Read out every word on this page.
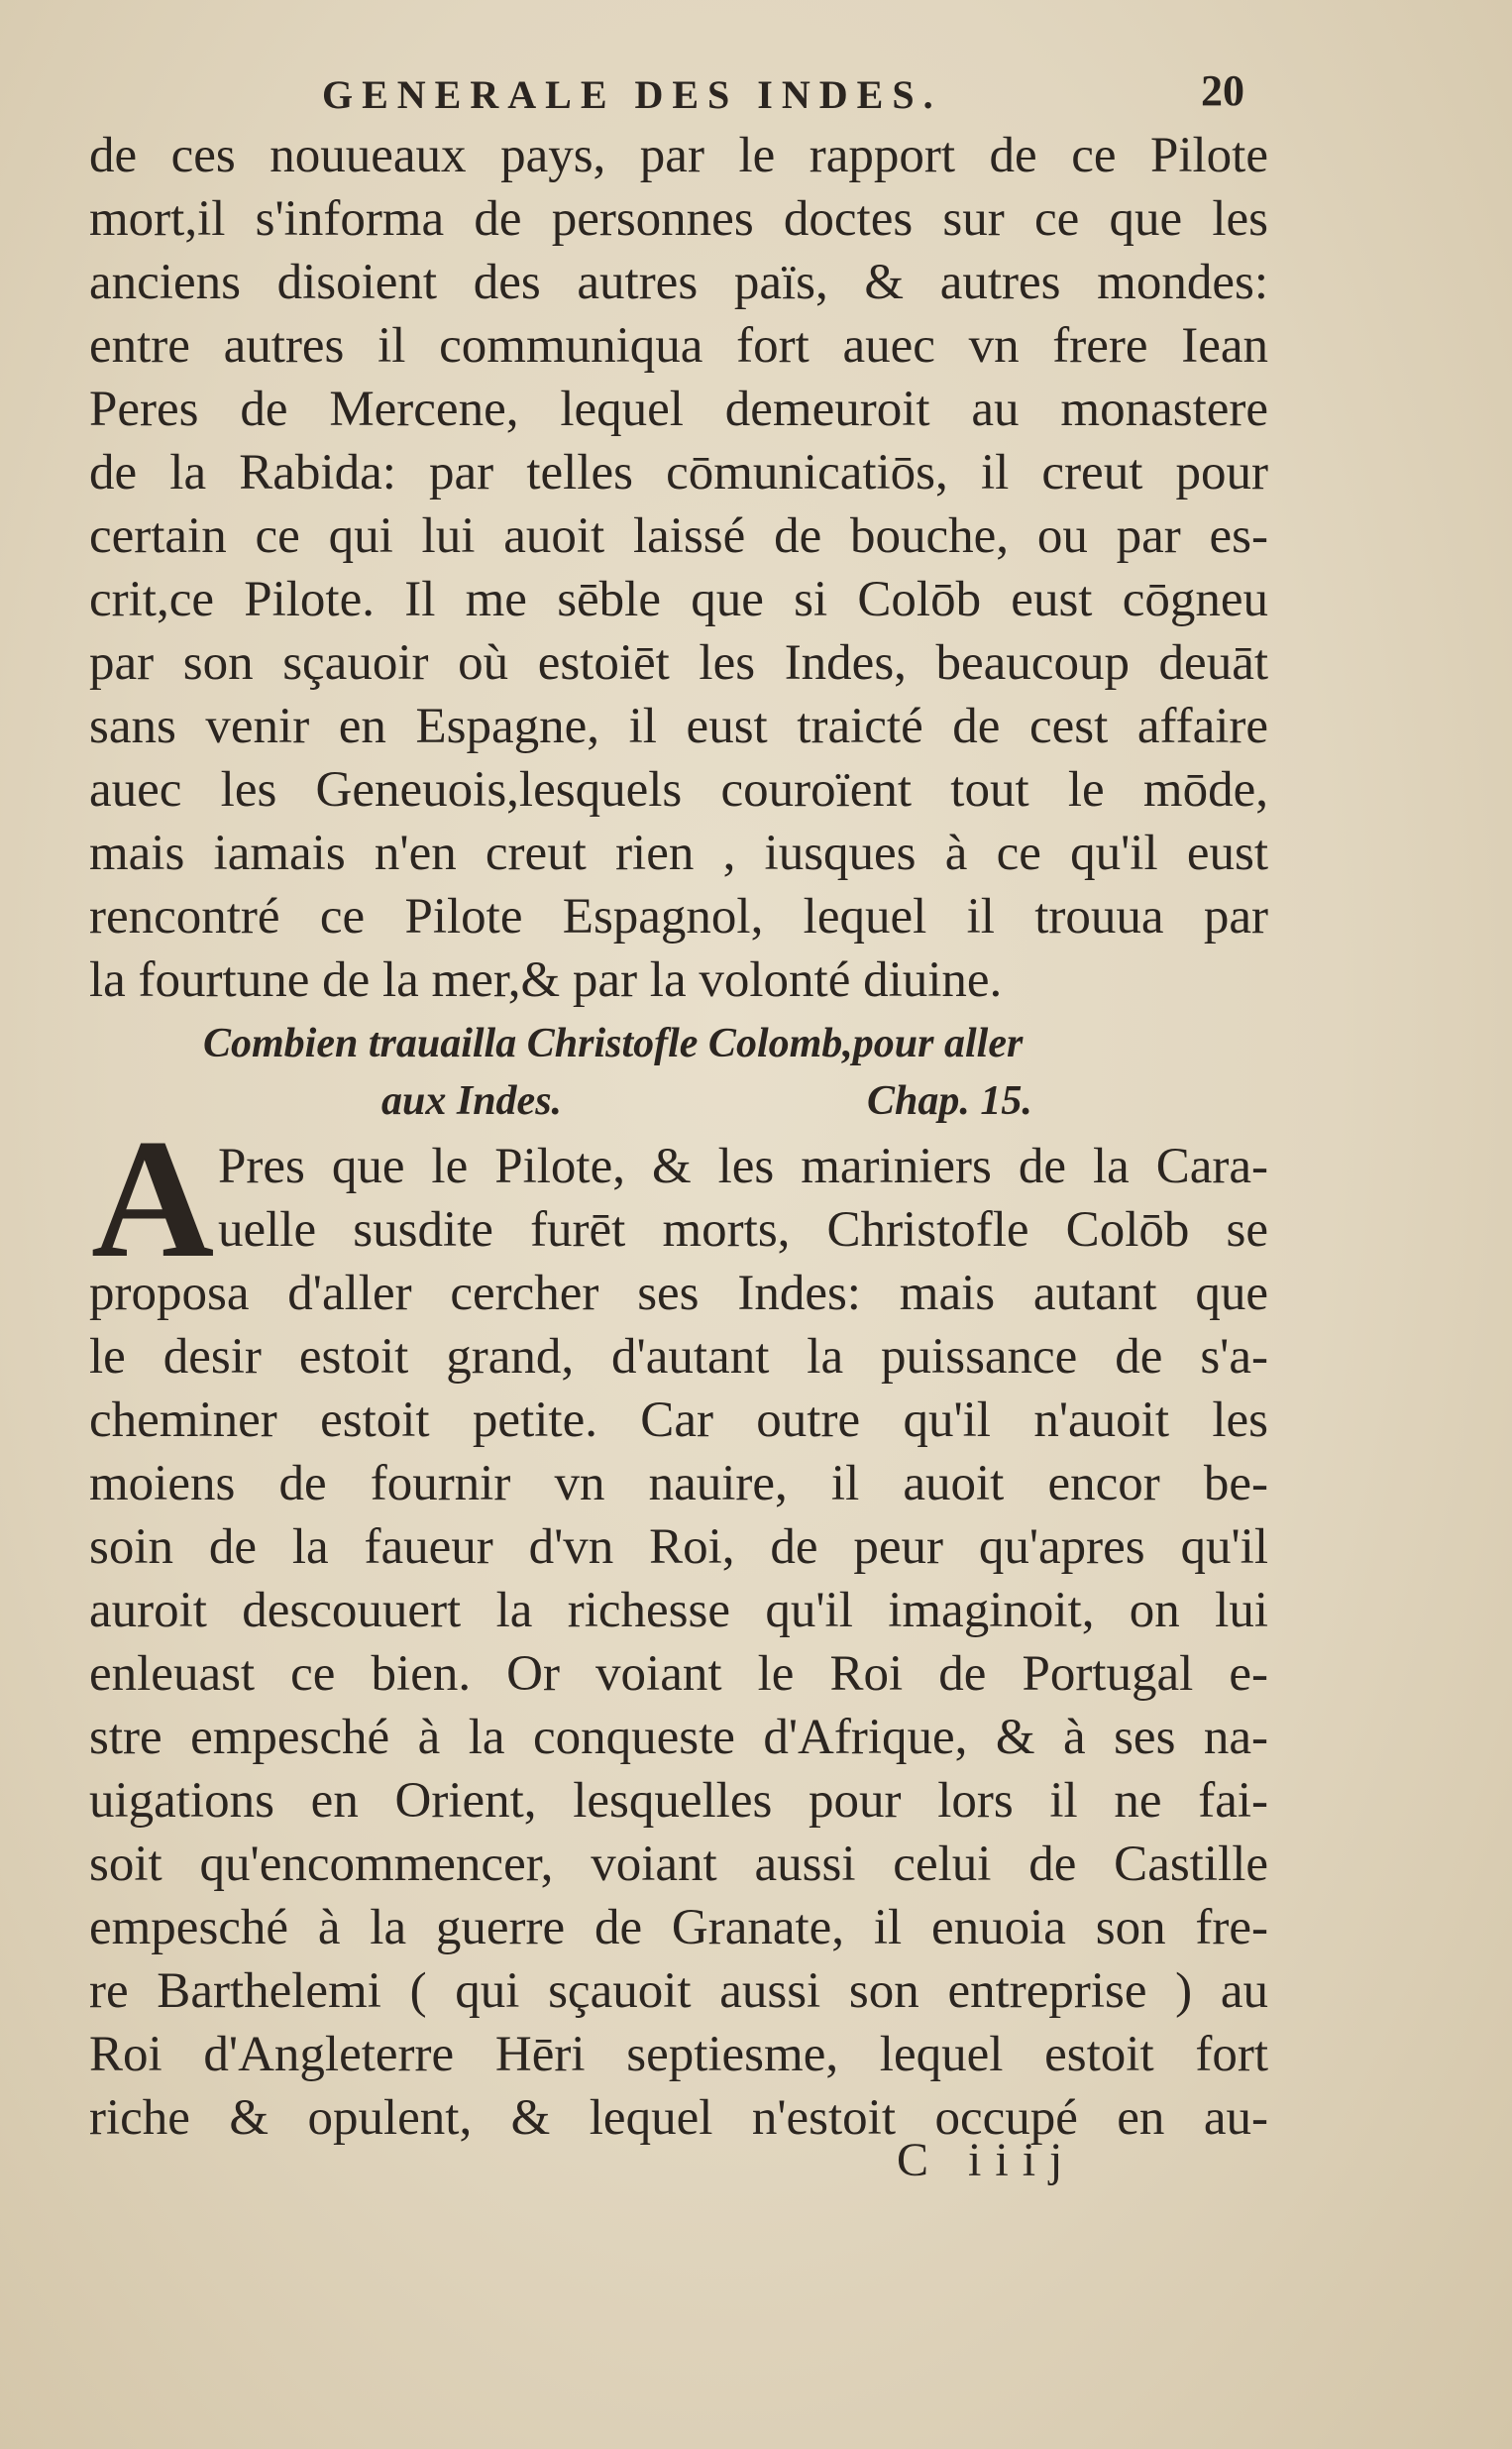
GENERALE DES INDES.	20
de ces nouueaux pays, par le rapport de ce Pilote
mort,il s'informa de personnes doctes sur ce que les
anciens disoient des autres païs, & autres mondes:
entre autres il communiqua fort auec vn frere Iean
Peres de Mercene, lequel demeuroit au monastere
de la Rabida: par telles cōmunicatiōs, il creut pour
certain ce qui lui auoit laissé de bouche, ou par es-
crit,ce Pilote. Il me sēble que si Colōb eust cōgneu
par son sçauoir où estoiēt les Indes, beaucoup deuāt
sans venir en Espagne, il eust traicté de cest affaire
auec les Geneuois,lesquels couroïent tout le mōde,
mais iamais n'en creut rien , iusques à ce qu'il eust
rencontré ce Pilote Espagnol, lequel il trouua par
la fourtune de la mer,& par la volonté diuine.
Combien trauailla Christofle Colomb,pour aller
aux Indes.	Chap. 15.
A Pres que le Pilote, & les mariniers de la Cara-
uelle susdite furēt morts, Christofle Colōb se
proposa d'aller cercher ses Indes: mais autant que
le desir estoit grand, d'autant la puissance de s'a-
cheminer estoit petite. Car outre qu'il n'auoit les
moiens de fournir vn nauire, il auoit encor be-
soin de la faueur d'vn Roi, de peur qu'apres qu'il
auroit descouuert la richesse qu'il imaginoit, on lui
enleuast ce bien. Or voiant le Roi de Portugal e-
stre empesché à la conqueste d'Afrique, & à ses na-
uigations en Orient, lesquelles pour lors il ne fai-
soit qu'encommencer, voiant aussi celui de Castille
empesché à la guerre de Granate, il enuoia son fre-
re Barthelemi ( qui sçauoit aussi son entreprise ) au
Roi d'Angleterre Hēri septiesme, lequel estoit fort
riche & opulent, & lequel n'estoit occupé en au-
C iiij
